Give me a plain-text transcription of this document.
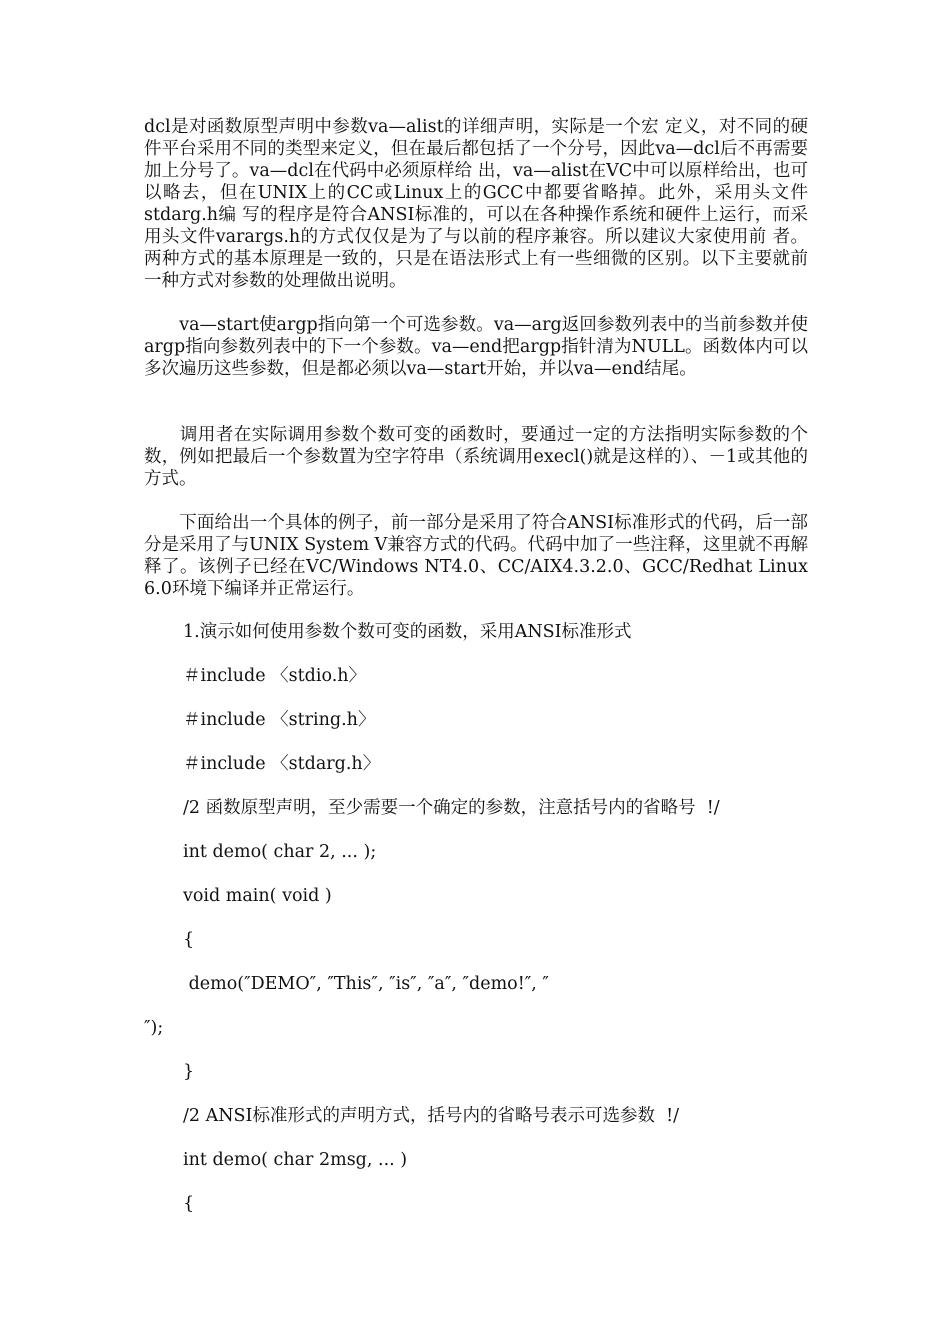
dcl是对函数原型声明中参数va—alist的详细声明，实际是一个宏 定义，对不同的硬件平台采用不同的类型来定义，但在最后都包括了一个分号，因此va—dcl后不再需要加上分号了。va—dcl在代码中必须原样给 出，va—alist在VC中可以原样给出，也可以略去，但在UNIX上的CC或Linux上的GCC中都要省略掉。此外，采用头文件stdarg.h编 写的程序是符合ANSI标准的，可以在各种操作系统和硬件上运行，而采用头文件varargs.h的方式仅仅是为了与以前的程序兼容。所以建议大家使用前 者。两种方式的基本原理是一致的，只是在语法形式上有一些细微的区别。以下主要就前一种方式对参数的处理做出说明。

　　va—start使argp指向第一个可选参数。va—arg返回参数列表中的当前参数并使argp指向参数列表中的下一个参数。va—end把argp指针清为NULL。函数体内可以多次遍历这些参数，但是都必须以va—start开始，并以va—end结尾。

　　调用者在实际调用参数个数可变的函数时，要通过一定的方法指明实际参数的个数，例如把最后一个参数置为空字符串（系统调用execl()就是这样的）、－1或其他的方式。

　　下面给出一个具体的例子，前一部分是采用了符合ANSI标准形式的代码，后一部分是采用了与UNIX System V兼容方式的代码。代码中加了一些注释，这里就不再解释了。该例子已经在VC/Windows NT4.0、CC/AIX4.3.2.0、GCC/Redhat Linux 6.0环境下编译并正常运行。

1.演示如何使用参数个数可变的函数，采用ANSI标准形式

＃include 〈stdio.h〉

＃include 〈string.h〉

＃include 〈stdarg.h〉

/2 函数原型声明，至少需要一个确定的参数，注意括号内的省略号  !/

int demo( char 2, ... );

void main( void )

{

demo(″DEMO″, ″This″, ″is″, ″a″, ″demo!″, ″

″);

}

/2 ANSI标准形式的声明方式，括号内的省略号表示可选参数  !/

int demo( char 2msg, ... )

{
